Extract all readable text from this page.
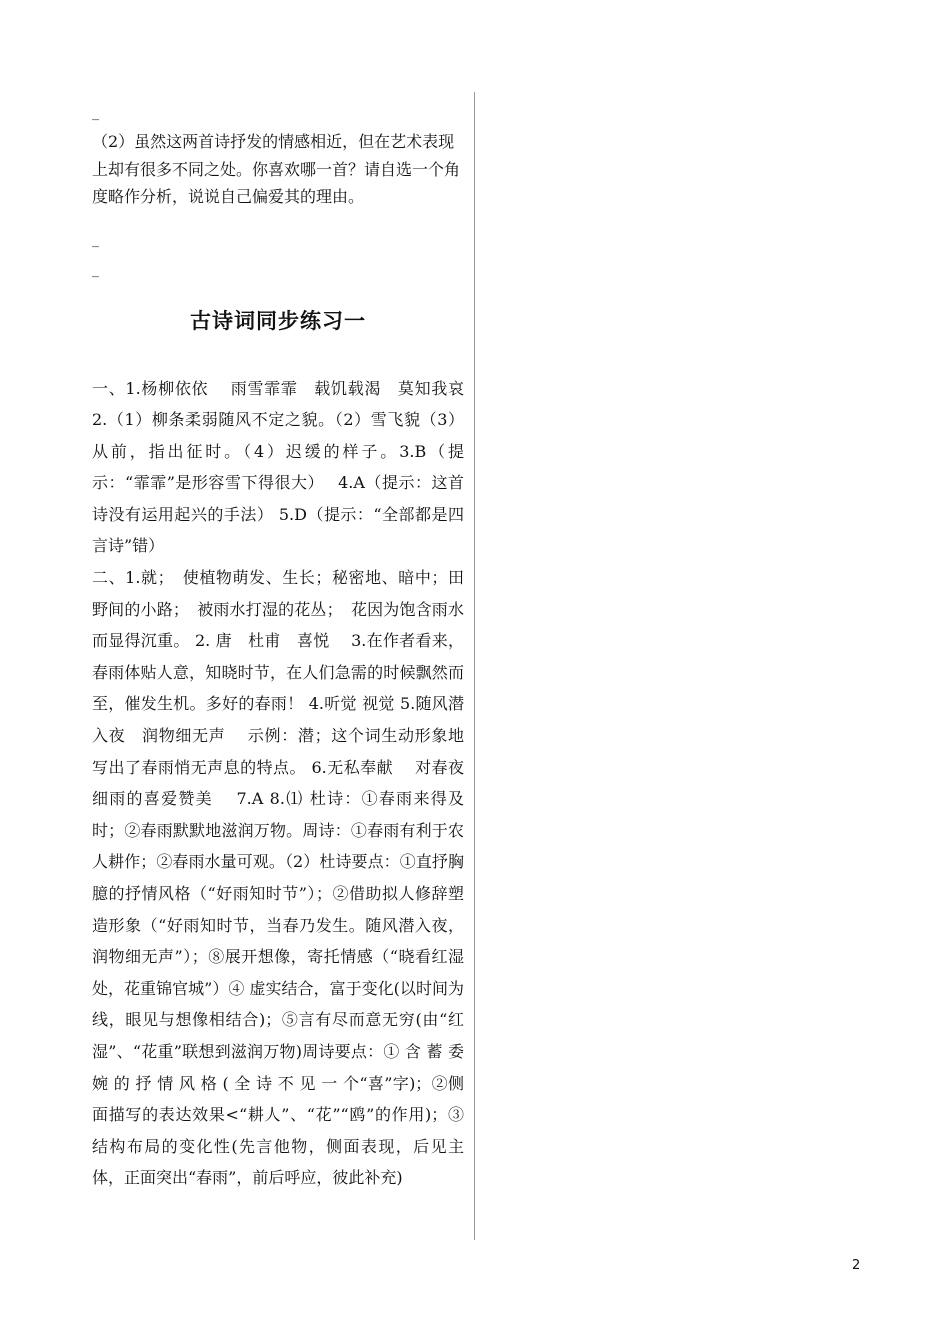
_

（2）虽然这两首诗抒发的情感相近，但在艺术表现上却有很多不同之处。你喜欢哪一首？请自选一个角度略作分析，说说自己偏爱其的理由。

_
_
古诗词同步练习一

一、1.杨柳依依　 雨雪霏霏　载饥载渴　莫知我哀 2.（1）柳条柔弱随风不定之貌。（2）雪飞貌（3）从前，指出征时。（4）迟缓的样子。3.B（提示：“霏霏”是形容雪下得很大）　 4.A（提示：这首诗没有运用起兴的手法） 5.D（提示：“全部都是四言诗”错）

二、1.就；　使植物萌发、生长；秘密地、暗中；田野间的小路；　被雨水打湿的花丛；　花因为饱含雨水而显得沉重。 2. 唐　杜甫　喜悦　 3.在作者看来，春雨体贴人意，知晓时节，在人们急需的时候飘然而至，催发生机。多好的春雨！ 4.听觉 视觉 5.随风潜入夜　润物细无声　 示例：潜；这个词生动形象地写出了春雨悄无声息的特点。 6.无私奉献　 对春夜细雨的喜爱赞美　 7.A 8.⑴ 杜诗：①春雨来得及时；②春雨默默地滋润万物。周诗：①春雨有利于农人耕作；②春雨水量可观。（2）杜诗要点：①直抒胸臆的抒情风格（“好雨知时节”）；②借助拟人修辞塑造形象（“好雨知时节，当春乃发生。随风潜入夜，润物细无声”）；⑧展开想像，寄托情感（“晓看红湿处，花重锦官城”）④ 虚实结合，富于变化(以时间为线，眼见与想像相结合)；⑤言有尽而意无穷(由“红湿”、“花重”联想到滋润万物)周诗要点：① 含 蓄 委 婉 的 抒 情 风 格 ( 全 诗 不 见 一 个“喜”字)；②侧面描写的表达效果<“耕人”、“花”“鸥”的作用)；③结构布局的变化性(先言他物，侧面表现，后见主体，正面突出“春雨”，前后呼应，彼此补充)

2
